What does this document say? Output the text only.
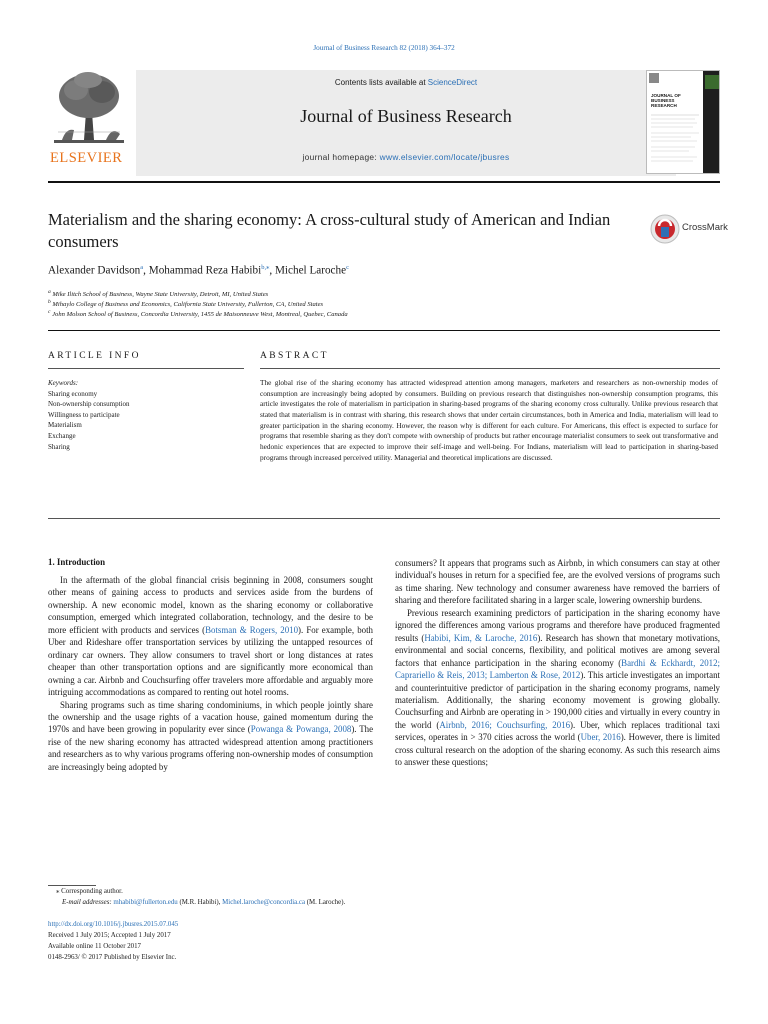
Journal of Business Research 82 (2018) 364–372
ELSEVIER
Contents lists available at ScienceDirect
Journal of Business Research
journal homepage: www.elsevier.com/locate/jbusres
JOURNAL OF
BUSINESS
RESEARCH
Materialism and the sharing economy: A cross-cultural study of American and Indian consumers
CrossMark
Alexander Davidson$^a$, Mohammad Reza Habibi$^{b,⁎}$, Michel Laroche$^c$
$^a$ Mike Ilitch School of Business, Wayne State University, Detroit, MI, United States
$^b$ Mihaylo College of Business and Economics, California State University, Fullerton, CA, United States
$^c$ John Molson School of Business, Concordia University, 1455 de Maisonneuve West, Montreal, Quebec, Canada
ARTICLE INFO	ABSTRACT
Keywords:
Sharing economy
Non-ownership consumption
Willingness to participate
Materialism
Exchange
Sharing
The global rise of the sharing economy has attracted widespread attention among managers, marketers and researchers as non-ownership modes of consumption are increasingly being adopted by consumers. Building on previous research that distinguishes non-ownership consumption programs, this article investigates the role of materialism in participation in sharing-based programs of the sharing economy cross culturally. Unlike previous research that stated that materialism is in contrast with sharing, this research shows that under certain circumstances, both in America and India, materialism will lead to greater participation in the sharing economy. However, the reason why is different for each culture. For Americans, this effect is expected to surface for programs that resemble sharing as they don't compete with ownership of products but rather encourage materialist consumers to seek out transformative and hedonic experiences that are expected to improve their self-image and well-being. For Indians, materialism will lead to participation in sharing-based programs through increased perceived utility. Managerial and theoretical implications are discussed.
1. Introduction

In the aftermath of the global financial crisis beginning in 2008, consumers sought other means of gaining access to products and services aside from the burdens of ownership. A new economic model, known as the sharing economy or collaborative consumption, emerged which integrated collaboration, technology, and the desire to be more efficient with products and services (Botsman & Rogers, 2010). For example, both Uber and Rideshare offer transportation services by utilizing the untapped resources of ordinary car owners. They allow consumers to travel short or long distances at rates cheaper than other transportation options and are significantly more economical than owning a car. Airbnb and Couchsurfing offer travelers more affordable and arguably more intriguing accommodations as compared to renting out hotel rooms.

Sharing programs such as time sharing condominiums, in which people jointly share the ownership and the usage rights of a vacation house, gained momentum during the 1970s and have been growing in popularity ever since (Powanga & Powanga, 2008). The rise of the new sharing economy has attracted widespread attention among practitioners and researchers as to why various programs offering non-ownership modes of consumption are increasingly being adopted by

consumers? It appears that programs such as Airbnb, in which consumers can stay at other individual's houses in return for a specified fee, are the evolved versions of programs such as time sharing. New technology and consumer awareness have removed the barriers of sharing and therefore facilitated sharing in a larger scale, lowering ownership burdens.

Previous research examining predictors of participation in the sharing economy have ignored the differences among various programs and therefore have produced fragmented results (Habibi, Kim, & Laroche, 2016). Research has shown that monetary motivations, environmental and social concerns, flexibility, and political motives are among several factors that enhance participation in the sharing economy (Bardhi & Eckhardt, 2012; Caprariello & Reis, 2013; Lamberton & Rose, 2012). This article investigates an important and counterintuitive predictor of participation in the sharing economy programs, namely materialism. Additionally, the sharing economy movement is growing globally. Couchsurfing and Airbnb are operating in > 190,000 cities and virtually in every country in the world (Airbnb, 2016; Couchsurfing, 2016). Uber, which replaces traditional taxi services, operates in > 370 cities across the world (Uber, 2016). However, there is limited cross cultural research on the adoption of the sharing economy. As such this research aims to answer these questions;

⁎ Corresponding author.
E-mail addresses: mhabibi@fullerton.edu (M.R. Habibi), Michel.laroche@concordia.ca (M. Laroche).
http://dx.doi.org/10.1016/j.jbusres.2015.07.045
Received 1 July 2015; Accepted 1 July 2017
Available online 11 October 2017
0148-2963/ © 2017 Published by Elsevier Inc.
